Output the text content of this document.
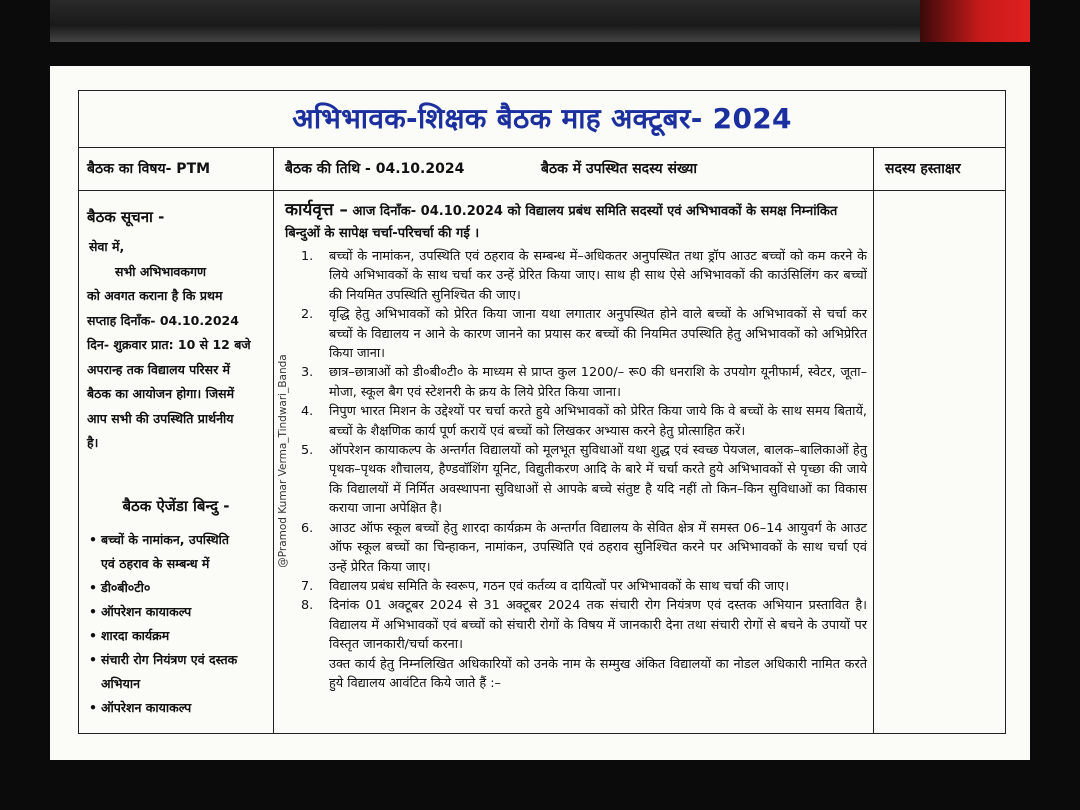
अभिभावक-शिक्षक बैठक माह अक्टूबर- 2024
बैठक का विषय- PTM	बैठक की तिथि - 04.10.2024	बैठक में उपस्थित सदस्य संख्या	सदस्य हस्ताक्षर
बैठक सूचना -

सेवा में,

सभी अभिभावकगण

को अवगत कराना है कि प्रथम

सप्ताह दिनाँक- 04.10.2024

दिन- शुक्रवार प्रात: 10 से 12 बजे

अपरान्ह तक विद्यालय परिसर में

बैठक का आयोजन होगा। जिसमें

आप सभी की उपस्थिति प्रार्थनीय

है।

बैठक ऐजेंडा बिन्दु -
• बच्चों के नामांकन, उपस्थिति
एवं ठहराव के सम्बन्ध में
• डी०बी०टी०
• ऑपरेशन कायाकल्प
• शारदा कार्यक्रम
• संचारी रोग नियंत्रण एवं दस्तक
अभियान
• ऑपरेशन कायाकल्प
@Pramod Kumar Verma_Tindwari_Banda
कार्यवृत्त – आज दिनाँक- 04.10.2024 को विद्यालय प्रबंध समिति सदस्यों एवं अभिभावकों के समक्ष निम्नांकित बिन्दुओं के सापेक्ष चर्चा-परिचर्चा की गई ।
1. बच्चों के नामांकन, उपस्थिति एवं ठहराव के सम्बन्ध में–अधिकतर अनुपस्थित तथा ड्रॉप आउट बच्चों को कम करने के लिये अभिभावकों के साथ चर्चा कर उन्हें प्रेरित किया जाए। साथ ही साथ ऐसे अभिभावकों की काउंसिलिंग कर बच्चों की नियमित उपस्थिति सुनिश्चित की जाए।
2. वृद्धि हेतु अभिभावकों को प्रेरित किया जाना यथा लगातार अनुपस्थित होने वाले बच्चों के अभिभावकों से चर्चा कर बच्चों के विद्यालय न आने के कारण जानने का प्रयास कर बच्चों की नियमित उपस्थिति हेतु अभिभावकों को अभिप्रेरित किया जाना।
3. छात्र–छात्राओं को डी०बी०टी० के माध्यम से प्राप्त कुल 1200/– रू0 की धनराशि के उपयोग यूनीफार्म, स्वेटर, जूता–मोजा, स्कूल बैग एवं स्टेशनरी के क्रय के लिये प्रेरित किया जाना।
4. निपुण भारत मिशन के उद्देश्यों पर चर्चा करते हुये अभिभावकों को प्रेरित किया जाये कि वे बच्चों के साथ समय बितायें, बच्चों के शैक्षणिक कार्य पूर्ण करायें एवं बच्चों को लिखकर अभ्यास करने हेतु प्रोत्साहित करें।
5. ऑपरेशन कायाकल्प के अन्तर्गत विद्यालयों को मूलभूत सुविधाओं यथा शुद्ध एवं स्वच्छ पेयजल, बालक–बालिकाओं हेतु पृथक–पृथक शौचालय, हैण्डवॉशिंग यूनिट, विद्युतीकरण आदि के बारे में चर्चा करते हुये अभिभावकों से पृच्छा की जाये कि विद्यालयों में निर्मित अवस्थापना सुविधाओं से आपके बच्चे संतुष्ट है यदि नहीं तो किन–किन सुविधाओं का विकास कराया जाना अपेक्षित है।
6. आउट ऑफ स्कूल बच्चों हेतु शारदा कार्यक्रम के अन्तर्गत विद्यालय के सेवित क्षेत्र में समस्त 06–14 आयुवर्ग के आउट ऑफ स्कूल बच्चों का चिन्हाकन, नामांकन, उपस्थिति एवं ठहराव सुनिश्चित करने पर अभिभावकों के साथ चर्चा एवं उन्हें प्रेरित किया जाए।
7. विद्यालय प्रबंध समिति के स्वरूप, गठन एवं कर्तव्य व दायित्वों पर अभिभावकों के साथ चर्चा की जाए।
8. दिनांक 01 अक्टूबर 2024 से 31 अक्टूबर 2024 तक संचारी रोग नियंत्रण एवं दस्तक अभियान प्रस्तावित है। विद्यालय में अभिभावकों एवं बच्चों को संचारी रोगों के विषय में जानकारी देना तथा संचारी रोगों से बचने के उपायों पर विस्तृत जानकारी/चर्चा करना।
उक्त कार्य हेतु निम्नलिखित अधिकारियों को उनके नाम के सम्मुख अंकित विद्यालयों का नोडल अधिकारी नामित करते हुये विद्यालय आवंटित किये जाते हैं :–
